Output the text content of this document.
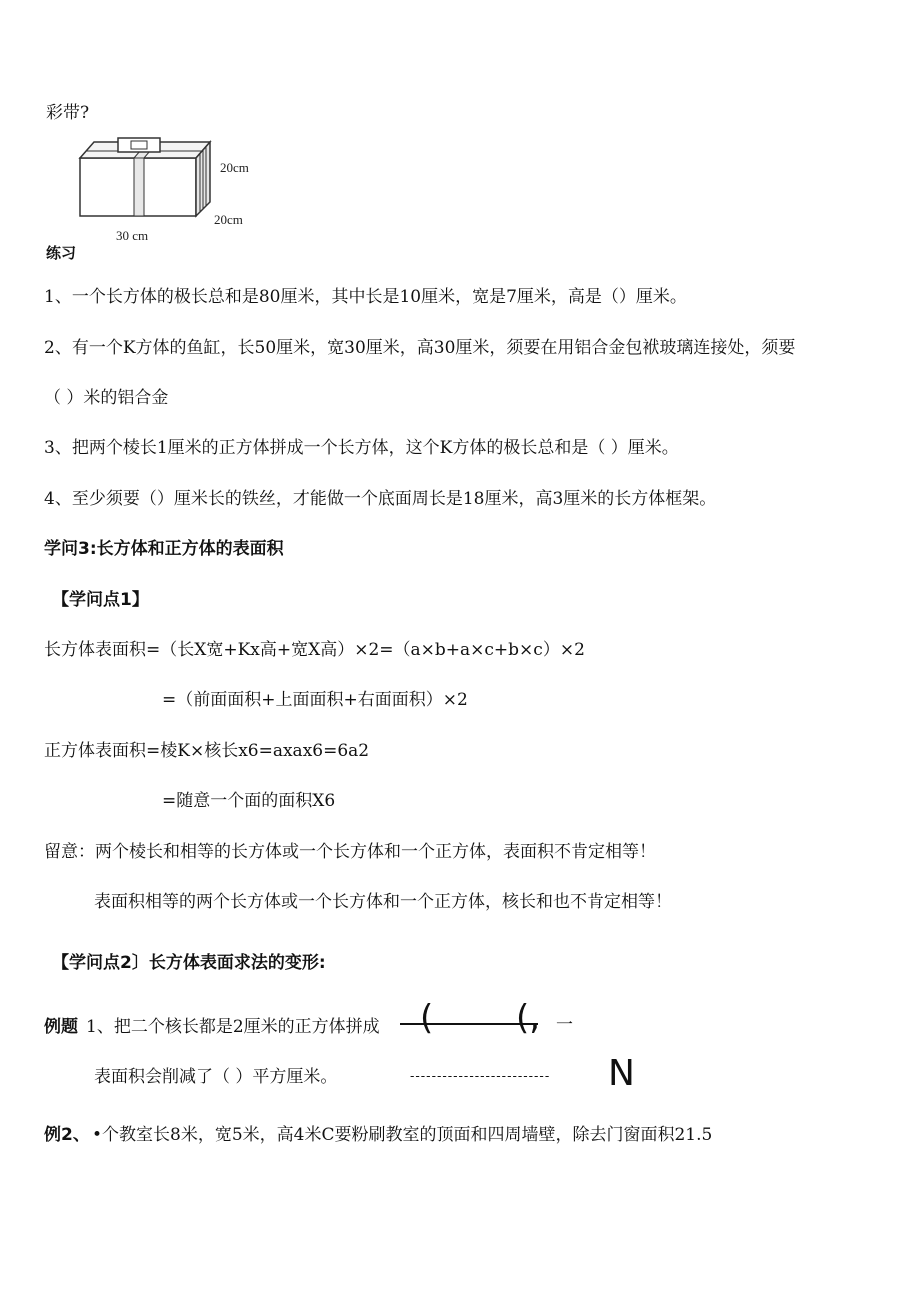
彩带?
20cm
20cm
30 cm
练习
1、一个长方体的极长总和是80厘米，其中长是10厘米，宽是7厘米，高是（）厘米。
2、有一个K方体的鱼缸，长50厘米，宽30厘米，高30厘米，须要在用铝合金包袱玻璃连接处，须要
（ ）米的铝合金
3、把两个棱长1厘米的正方体拼成一个长方体，这个K方体的极长总和是（ ）厘米。
4、至少须要（）厘米长的铁丝，才能做一个底面周长是18厘米，高3厘米的长方体框架。
学问3:长方体和正方体的表面积
【学问点1】
长方体表面积=（长X宽+Kx高+宽X高）×2=（a×b+a×c+b×c）×2
=（前面面积+上面面积+右面面积）×2
正方体表面积=棱K×核长x6=axax6=6a2
=随意一个面的面积X6
留意：两个棱长和相等的长方体或一个长方体和一个正方体，表面积不肯定相等！
表面积相等的两个长方体或一个长方体和一个正方体，核长和也不肯定相等！
【学问点2〕长方体表面求法的变形:
例题 1、把二个核长都是2厘米的正方体拼成 ( (, 一
表面积会削减了（ ）平方厘米。	-------------------------- N
例2、 •个教室长8米，宽5米，高4米C要粉刷教室的顶面和四周墙壁，除去门窗面积21.5
